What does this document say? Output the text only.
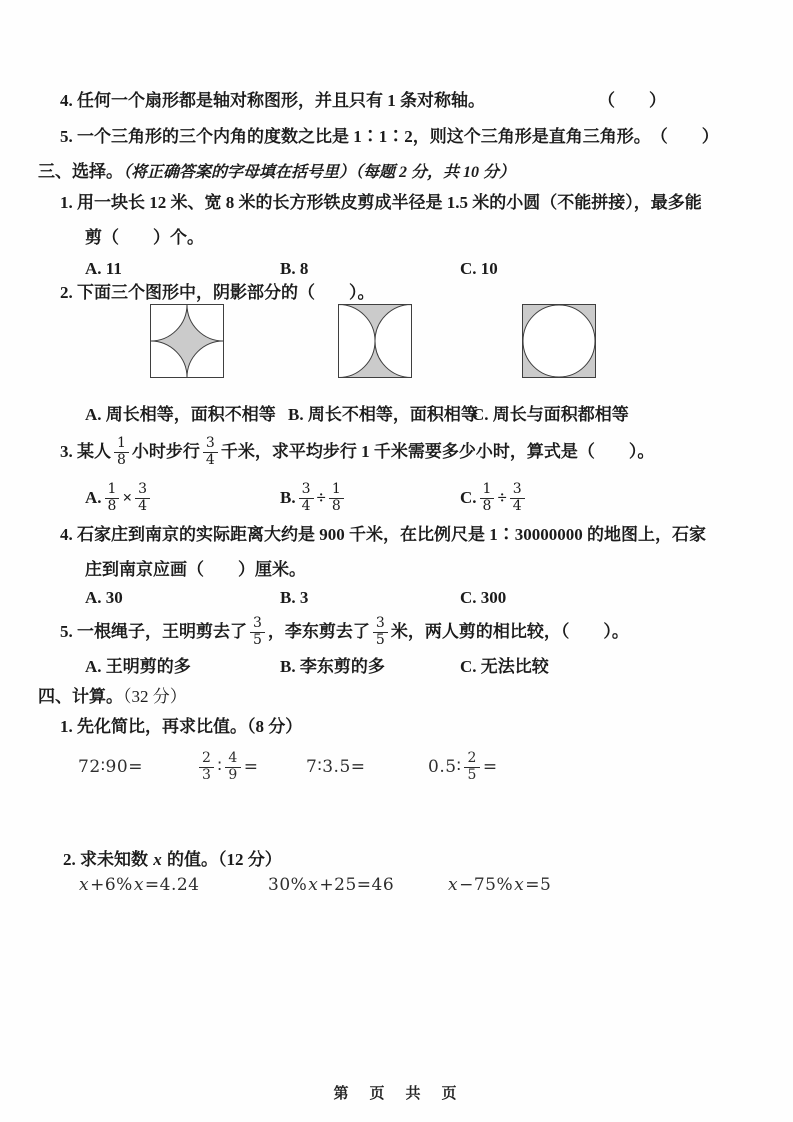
4. 任何一个扇形都是轴对称图形，并且只有 1 条对称轴。	（　　）
5. 一个三角形的三个内角的度数之比是 1∶1∶2，则这个三角形是直角三角形。 （　　）
三、选择。（将正确答案的字母填在括号里）（每题 2 分，共 10 分）
1. 用一块长 12 米、宽 8 米的长方形铁皮剪成半径是 1.5 米的小圆（不能拼接），最多能
剪（　　）个。
A. 11	B. 8	C. 10
2. 下面三个图形中，阴影部分的（　　）。
A. 周长相等，面积不相等 B. 周长不相等，面积相等
C. 周长与面积都相等
3. 某人 $\frac{1}{8}$ 小时步行 $\frac{3}{4}$ 千米，求平均步行 1 千米需要多少小时，算式是（　　）。
A. $\frac{1}{8} \times \frac{3}{4}$	B. $\frac{3}{4} \div \frac{1}{8}$	C. $\frac{1}{8} \div \frac{3}{4}$
4. 石家庄到南京的实际距离大约是 900 千米，在比例尺是 1∶30000000 的地图上，石家
庄到南京应画（　　）厘米。
A. 30	B. 3	C. 300
5. 一根绳子，王明剪去了 $\frac{3}{5}$ ，李东剪去了 $\frac{3}{5}$ 米，两人剪的相比较，（　　）。
A. 王明剪的多	B. 李东剪的多	C. 无法比较
四、计算。（32 分）
1. 先化简比，再求比值。（8 分）
72∶90=	$\frac{2}{3}$ ∶ $\frac{4}{9}$ =	7∶3.5=	0.5∶ $\frac{2}{5}$ =
2. 求未知数 x 的值。（12 分）
x +6% x =4.24	30% x +25=46	x −75% x =5
第　页　共　页
